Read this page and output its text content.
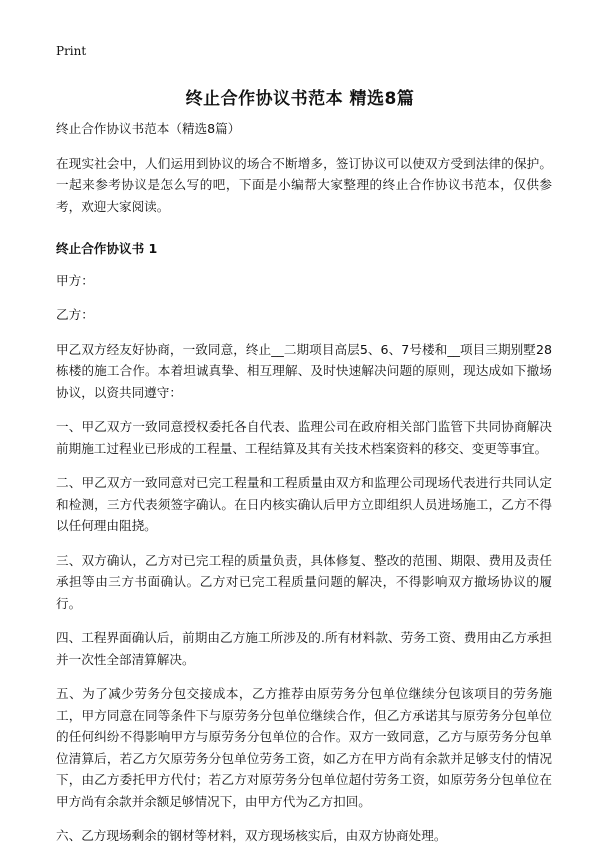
Print
终止合作协议书范本 精选8篇

终止合作协议书范本（精选8篇）

在现实社会中，人们运用到协议的场合不断增多，签订协议可以使双方受到法律的保护。一起来参考协议是怎么写的吧，下面是小编帮大家整理的终止合作协议书范本，仅供参考，欢迎大家阅读。

终止合作协议书 1

甲方：

乙方：

甲乙双方经友好协商，一致同意，终止__二期项目高层5、6、7号楼和__项目三期别墅28栋楼的施工合作。本着坦诚真挚、相互理解、及时快速解决问题的原则，现达成如下撤场协议，以资共同遵守：

一、甲乙双方一致同意授权委托各自代表、监理公司在政府相关部门监管下共同协商解决前期施工过程业已形成的工程量、工程结算及其有关技术档案资料的移交、变更等事宜。

二、甲乙双方一致同意对已完工程量和工程质量由双方和监理公司现场代表进行共同认定和检测，三方代表须签字确认。在日内核实确认后甲方立即组织人员进场施工，乙方不得以任何理由阻挠。

三、双方确认，乙方对已完工程的质量负责，具体修复、整改的范围、期限、费用及责任承担等由三方书面确认。乙方对已完工程质量问题的解决，不得影响双方撤场协议的履行。

四、工程界面确认后，前期由乙方施工所涉及的.所有材料款、劳务工资、费用由乙方承担并一次性全部清算解决。

五、为了减少劳务分包交接成本，乙方推荐由原劳务分包单位继续分包该项目的劳务施工，甲方同意在同等条件下与原劳务分包单位继续合作，但乙方承诺其与原劳务分包单位的任何纠纷不得影响甲方与原劳务分包单位的合作。双方一致同意，乙方与原劳务分包单位清算后，若乙方欠原劳务分包单位劳务工资，如乙方在甲方尚有余款并足够支付的情况下，由乙方委托甲方代付；若乙方对原劳务分包单位超付劳务工资，如原劳务分包单位在甲方尚有余款并余额足够情况下，由甲方代为乙方扣回。

六、乙方现场剩余的钢材等材料，双方现场核实后，由双方协商处理。
